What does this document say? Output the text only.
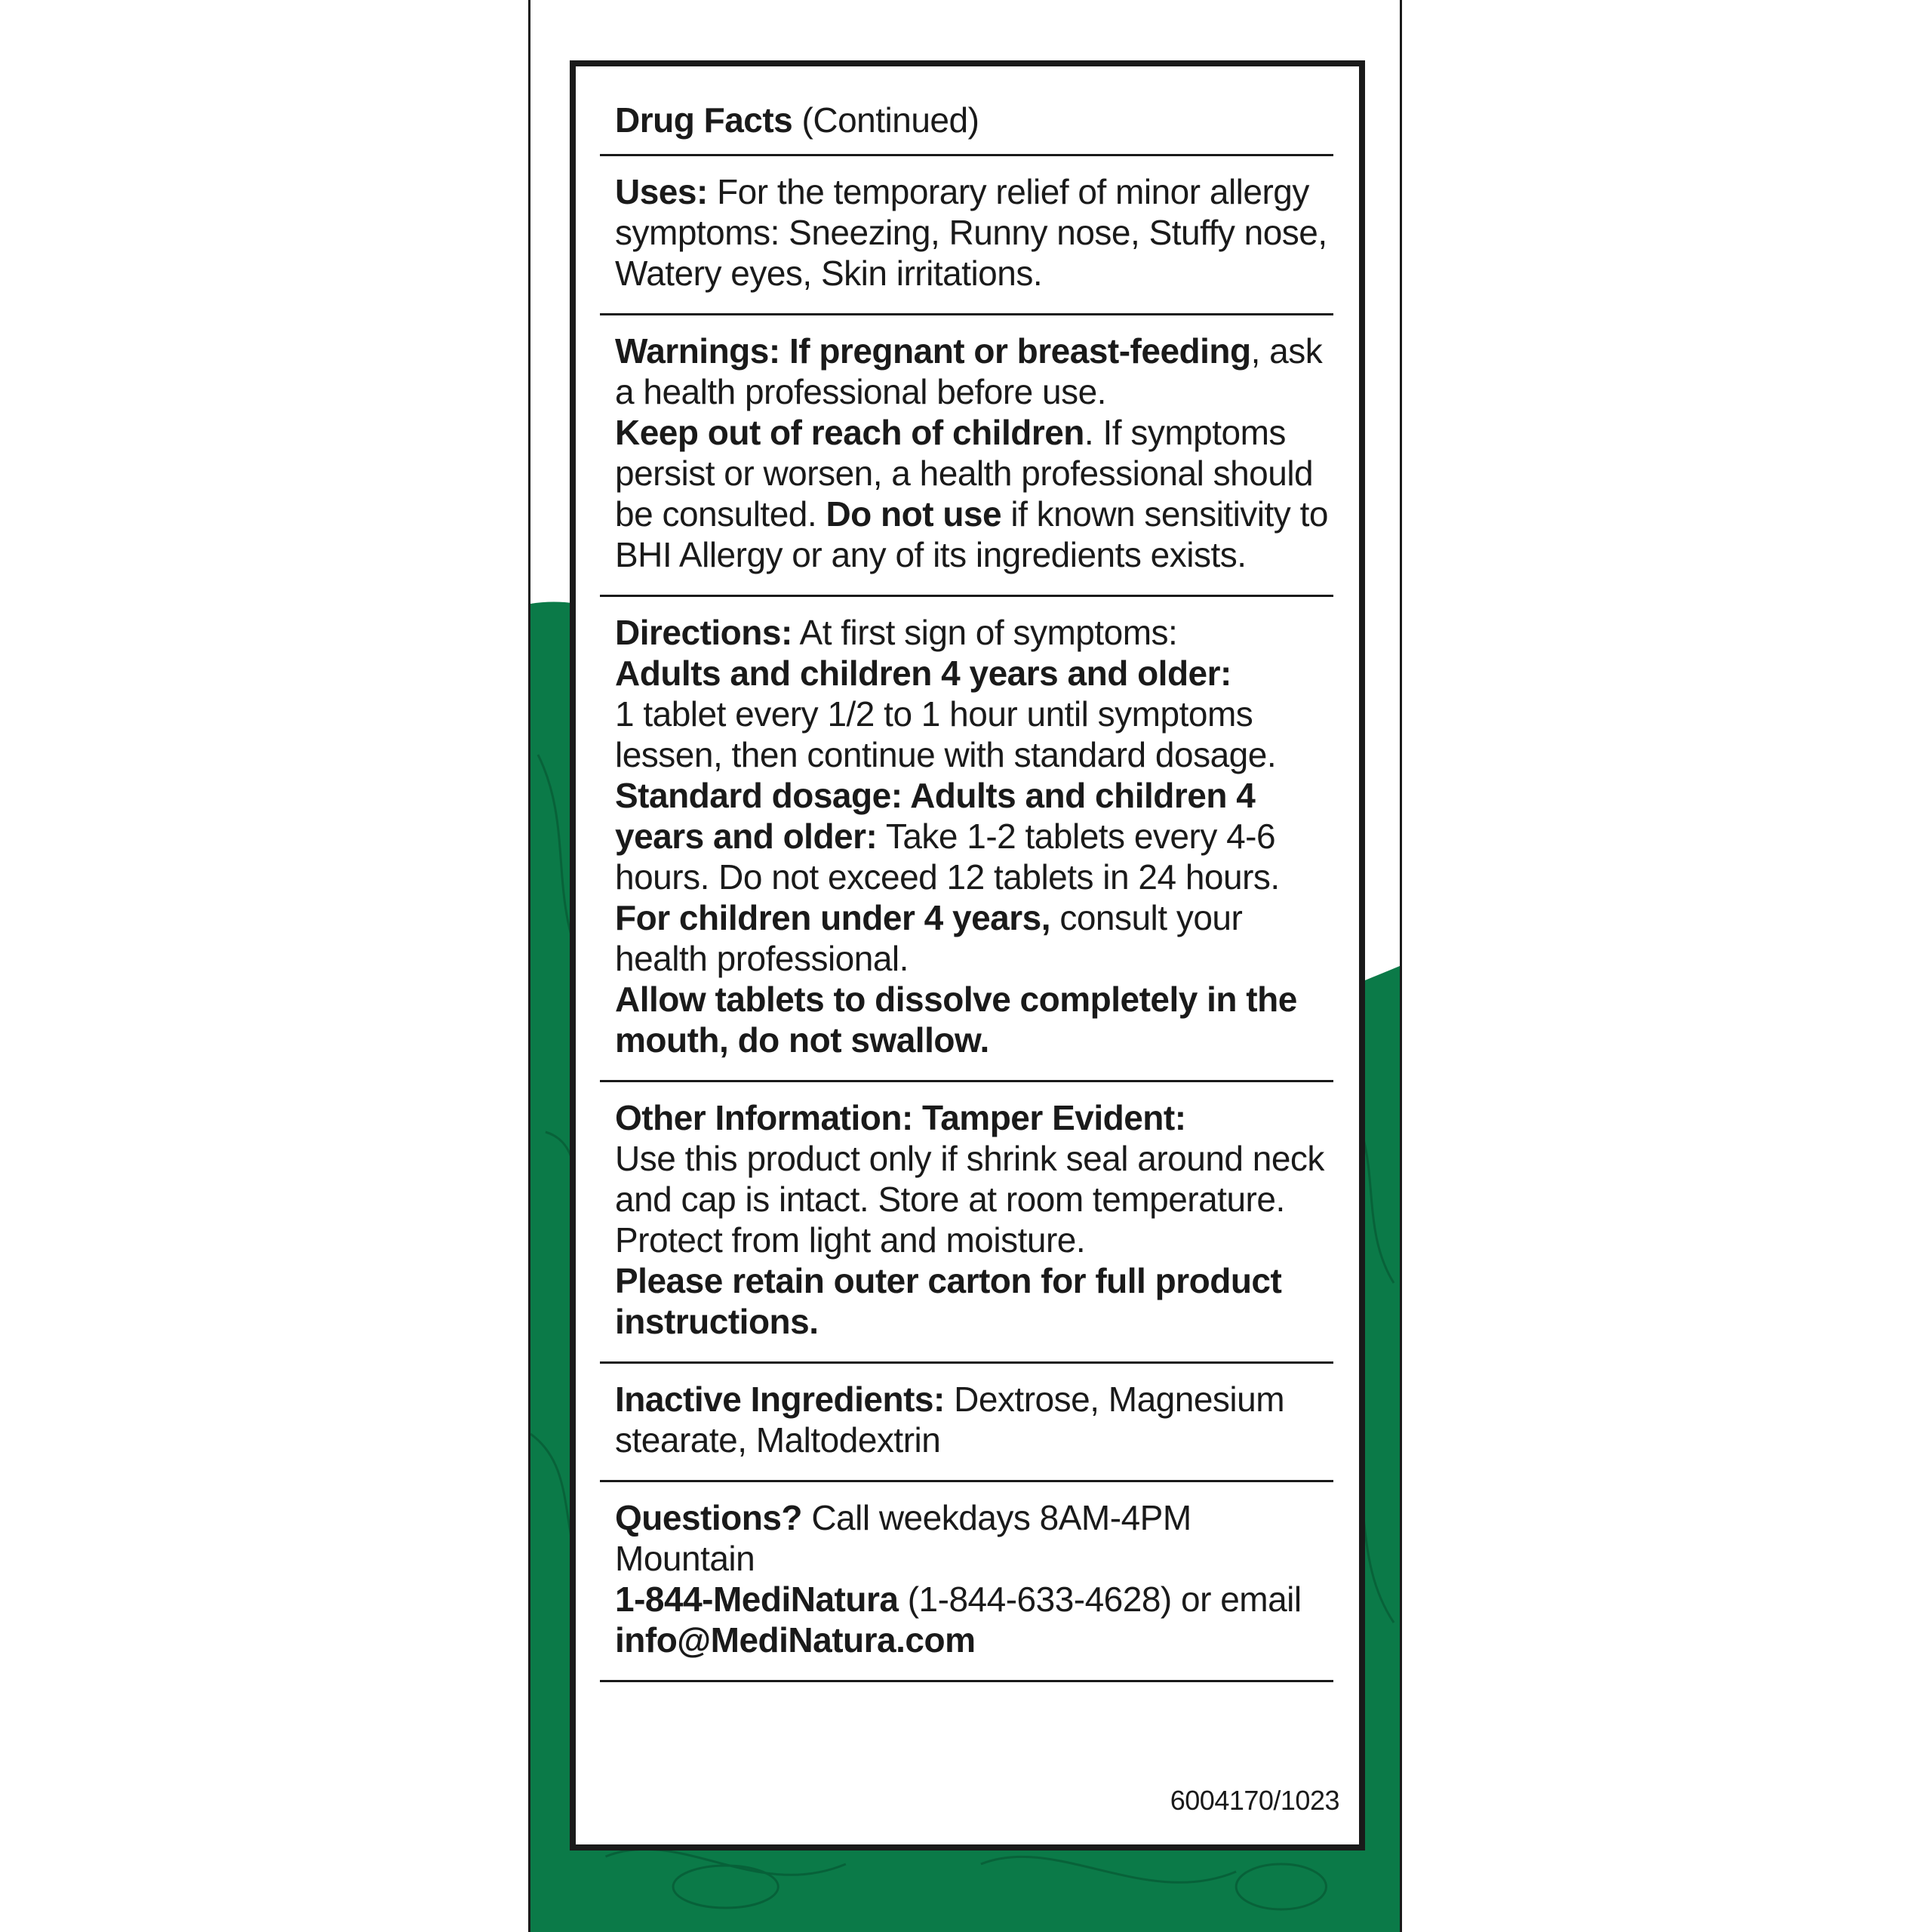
Drug Facts (Continued)

Uses: For the temporary relief of minor allergy symptoms: Sneezing, Runny nose, Stuffy nose, Watery eyes, Skin irritations.

Warnings: If pregnant or breast-feeding, ask a health professional before use.

Keep out of reach of children. If symptoms persist or worsen, a health professional should be consulted. Do not use if known sensitivity to BHI Allergy or any of its ingredients exists.

Directions: At first sign of symptoms:

Adults and children 4 years and older:

1 tablet every 1/2 to 1 hour until symptoms lessen, then continue with standard dosage.

Standard dosage: Adults and children 4 years and older: Take 1-2 tablets every 4-6 hours. Do not exceed 12 tablets in 24 hours.

For children under 4 years, consult your health professional.

Allow tablets to dissolve completely in the mouth, do not swallow.

Other Information: Tamper Evident:

Use this product only if shrink seal around neck and cap is intact. Store at room temperature. Protect from light and moisture.

Please retain outer carton for full product instructions.

Inactive Ingredients: Dextrose, Magnesium stearate, Maltodextrin

Questions? Call weekdays 8AM-4PM Mountain

1-844-MediNatura (1-844-633-4628) or email info@MediNatura.com

6004170/1023
